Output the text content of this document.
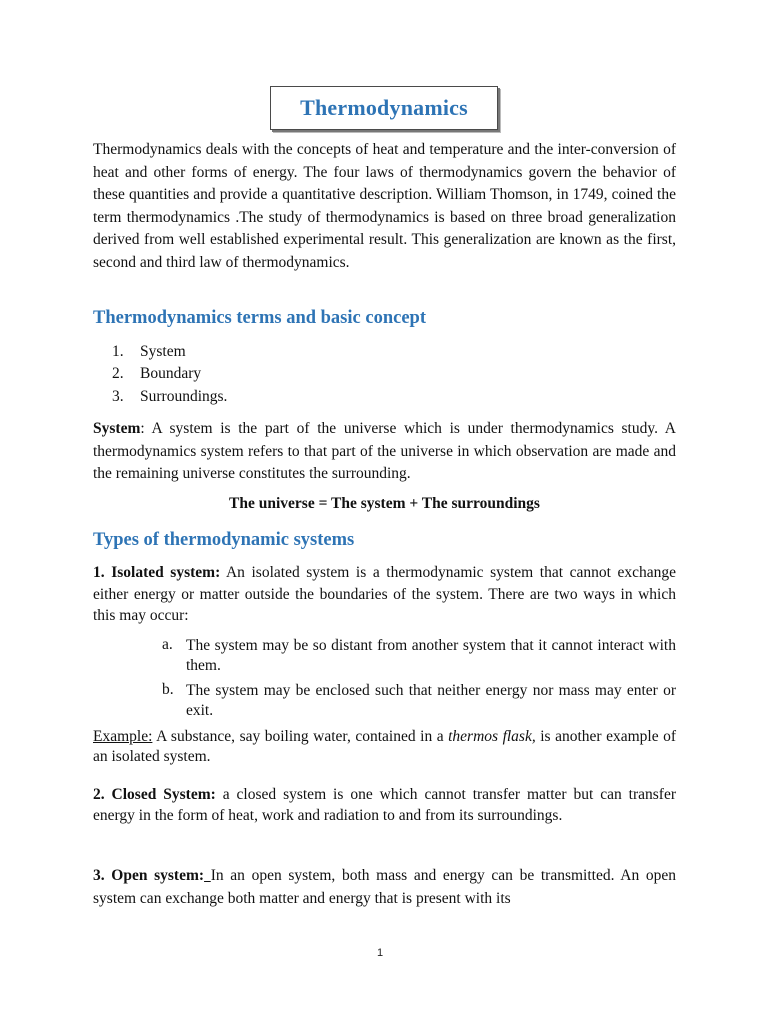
Thermodynamics

Thermodynamics deals with the concepts of heat and temperature and the inter-conversion of heat and other forms of energy. The four laws of thermodynamics govern the behavior of these quantities and provide a quantitative description. William Thomson, in 1749, coined the term thermodynamics .The study of thermodynamics is based on three broad generalization derived from well established experimental result. This generalization are known as the first, second and third law of thermodynamics.

Thermodynamics terms and basic concept
1. System
2. Boundary
3. Surroundings.

System: A system is the part of the universe which is under thermodynamics study. A thermodynamics system refers to that part of the universe in which observation are made and the remaining universe constitutes the surrounding.

The universe = The system + The surroundings
Types of thermodynamic systems

1. Isolated system: An isolated system is a thermodynamic system that cannot exchange either energy or matter outside the boundaries of the system. There are two ways in which this may occur:

a. The system may be so distant from another system that it cannot interact with them.

b. The system may be enclosed such that neither energy nor mass may enter or exit.

Example: A substance, say boiling water, contained in a thermos flask, is another example of an isolated system.

2. Closed System: a closed system is one which cannot transfer matter but can transfer energy in the form of heat, work and radiation to and from its surroundings.

3. Open system: In an open system, both mass and energy can be transmitted. An open system can exchange both matter and energy that is present with its

1
